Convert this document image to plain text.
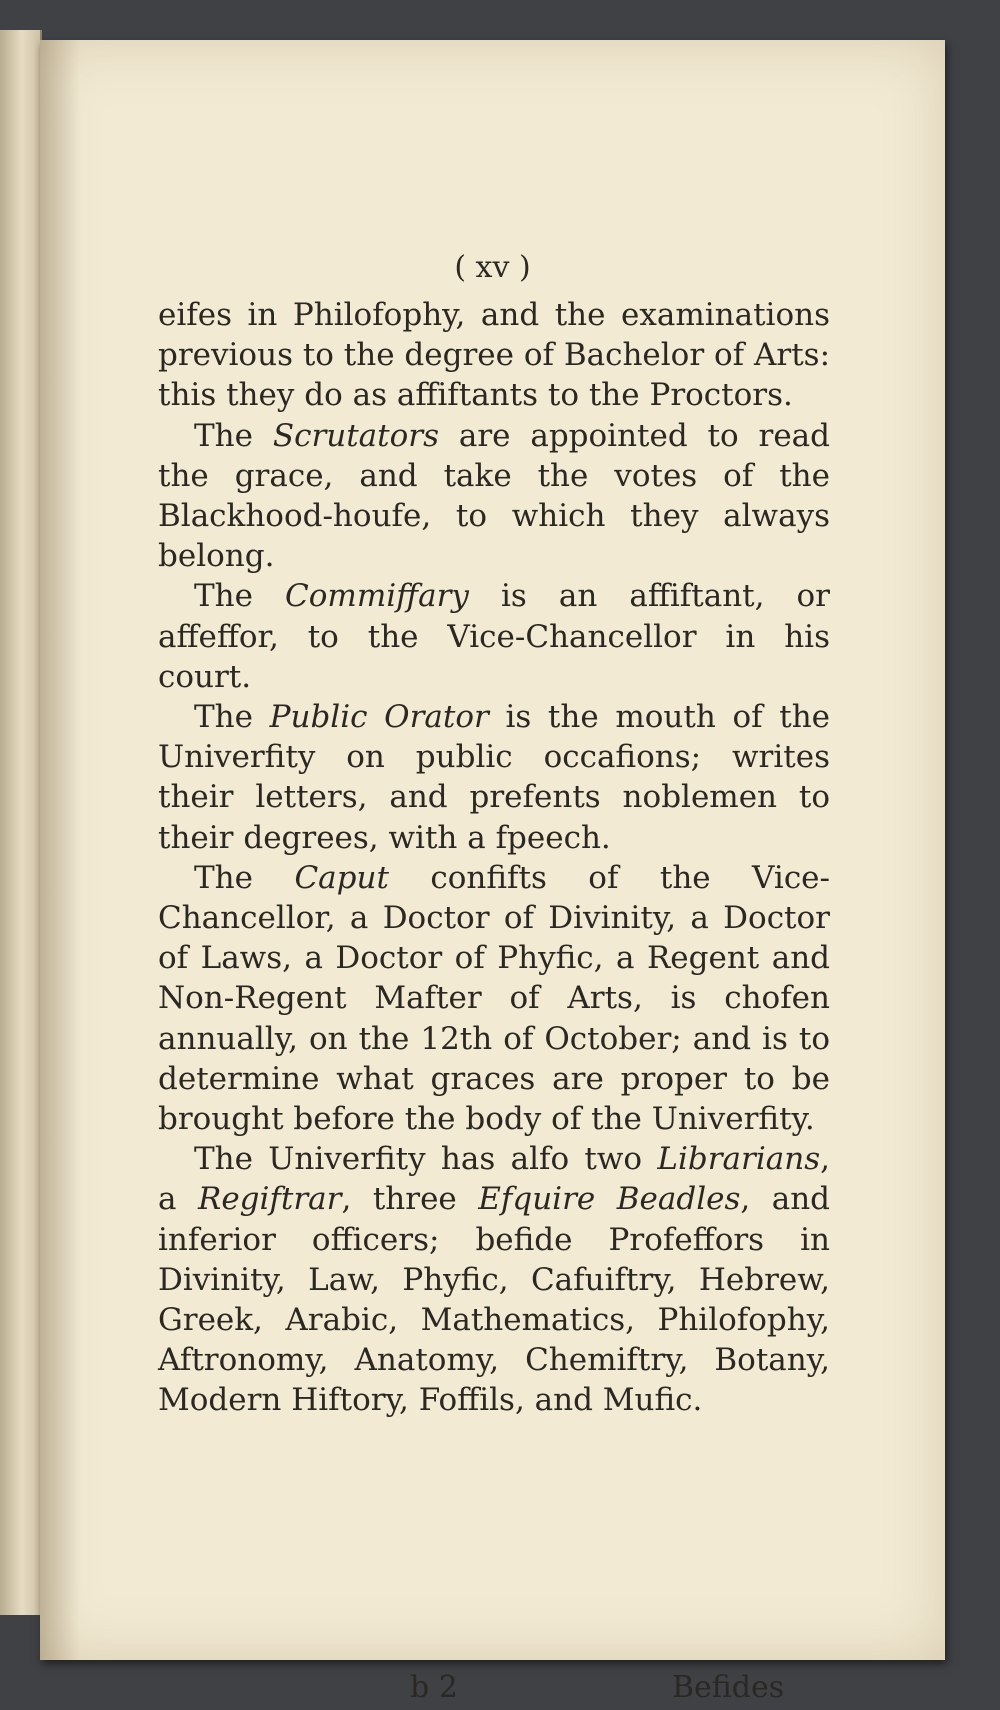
( xv )

eifes in Philofophy, and the examinations previous to the degree of Bachelor of Arts: this they do as affiftants to the Proctors.

The Scrutators are appointed to read the grace, and take the votes of the Blackhood-houfe, to which they always belong.

The Commiffary is an affiftant, or affeffor, to the Vice-Chancellor in his court.

The Public Orator is the mouth of the Univerfity on public occafions; writes their letters, and prefents noblemen to their degrees, with a fpeech.

The Caput confifts of the Vice-Chancellor, a Doctor of Divinity, a Doctor of Laws, a Doctor of Phyfic, a Regent and Non-Regent Mafter of Arts, is chofen annually, on the 12th of October; and is to determine what graces are proper to be brought before the body of the Univerfity.

The Univerfity has alfo two Librarians, a Regiftrar, three Efquire Beadles, and inferior officers; befide Profeffors in Divinity, Law, Phyfic, Cafuiftry, Hebrew, Greek, Arabic, Mathematics, Philofophy, Aftronomy, Anatomy, Chemiftry, Botany, Modern Hiftory, Foffils, and Mufic.

b 2	Befides
